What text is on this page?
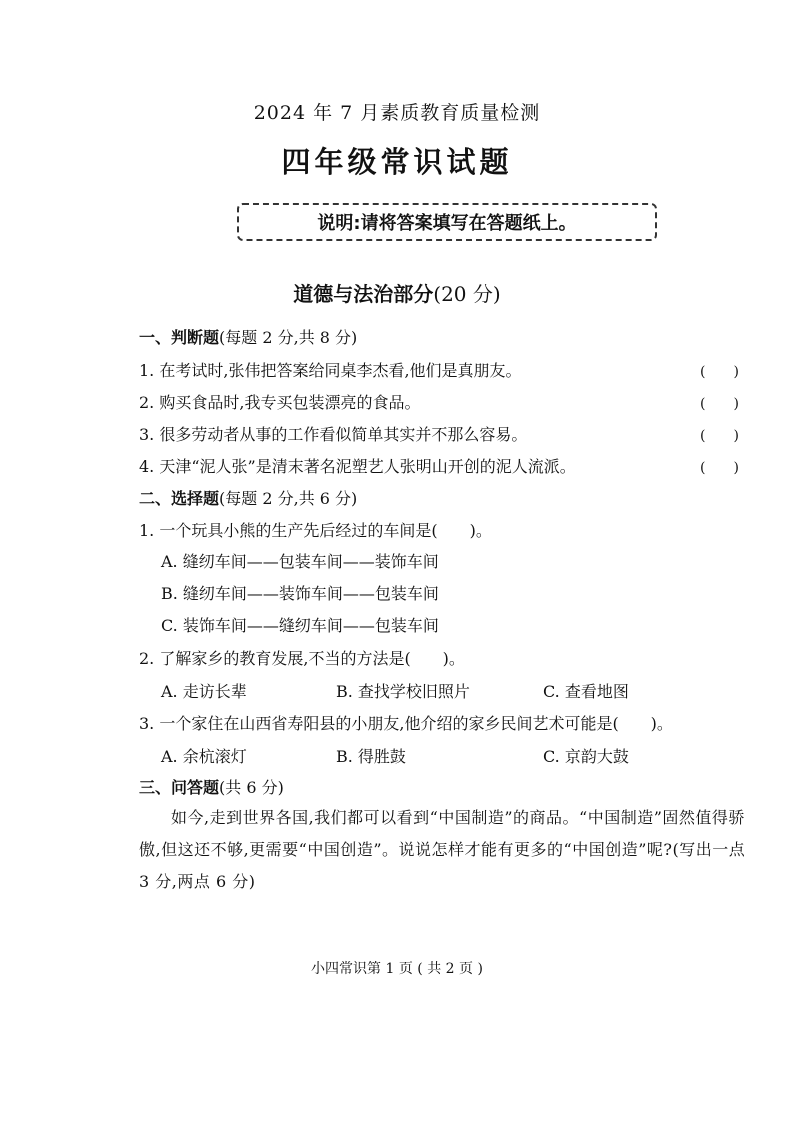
2024 年 7 月素质教育质量检测
四年级常识试题
说明:请将答案填写在答题纸上。
道德与法治部分(20 分)
一、判断题(每题 2 分,共 8 分)
1. 在考试时,张伟把答案给同桌李杰看,他们是真朋友。	(　　)
2. 购买食品时,我专买包装漂亮的食品。	(　　)
3. 很多劳动者从事的工作看似简单其实并不那么容易。	(　　)
4. 天津“泥人张”是清末著名泥塑艺人张明山开创的泥人流派。	(　　)
二、选择题(每题 2 分,共 6 分)
1. 一个玩具小熊的生产先后经过的车间是(　　)。
A. 缝纫车间——包装车间——装饰车间
B. 缝纫车间——装饰车间——包装车间
C. 装饰车间——缝纫车间——包装车间
2. 了解家乡的教育发展,不当的方法是(　　)。
A. 走访长辈	B. 查找学校旧照片	C. 查看地图
3. 一个家住在山西省寿阳县的小朋友,他介绍的家乡民间艺术可能是(　　)。
A. 余杭滚灯	B. 得胜鼓	C. 京韵大鼓
三、问答题(共 6 分)
如今,走到世界各国,我们都可以看到“中国制造”的商品。“中国制造”固然值得骄傲,但这还不够,更需要“中国创造”。说说怎样才能有更多的“中国创造”呢?(写出一点 3 分,两点 6 分)
小四常识第 1 页 ( 共 2 页 )
